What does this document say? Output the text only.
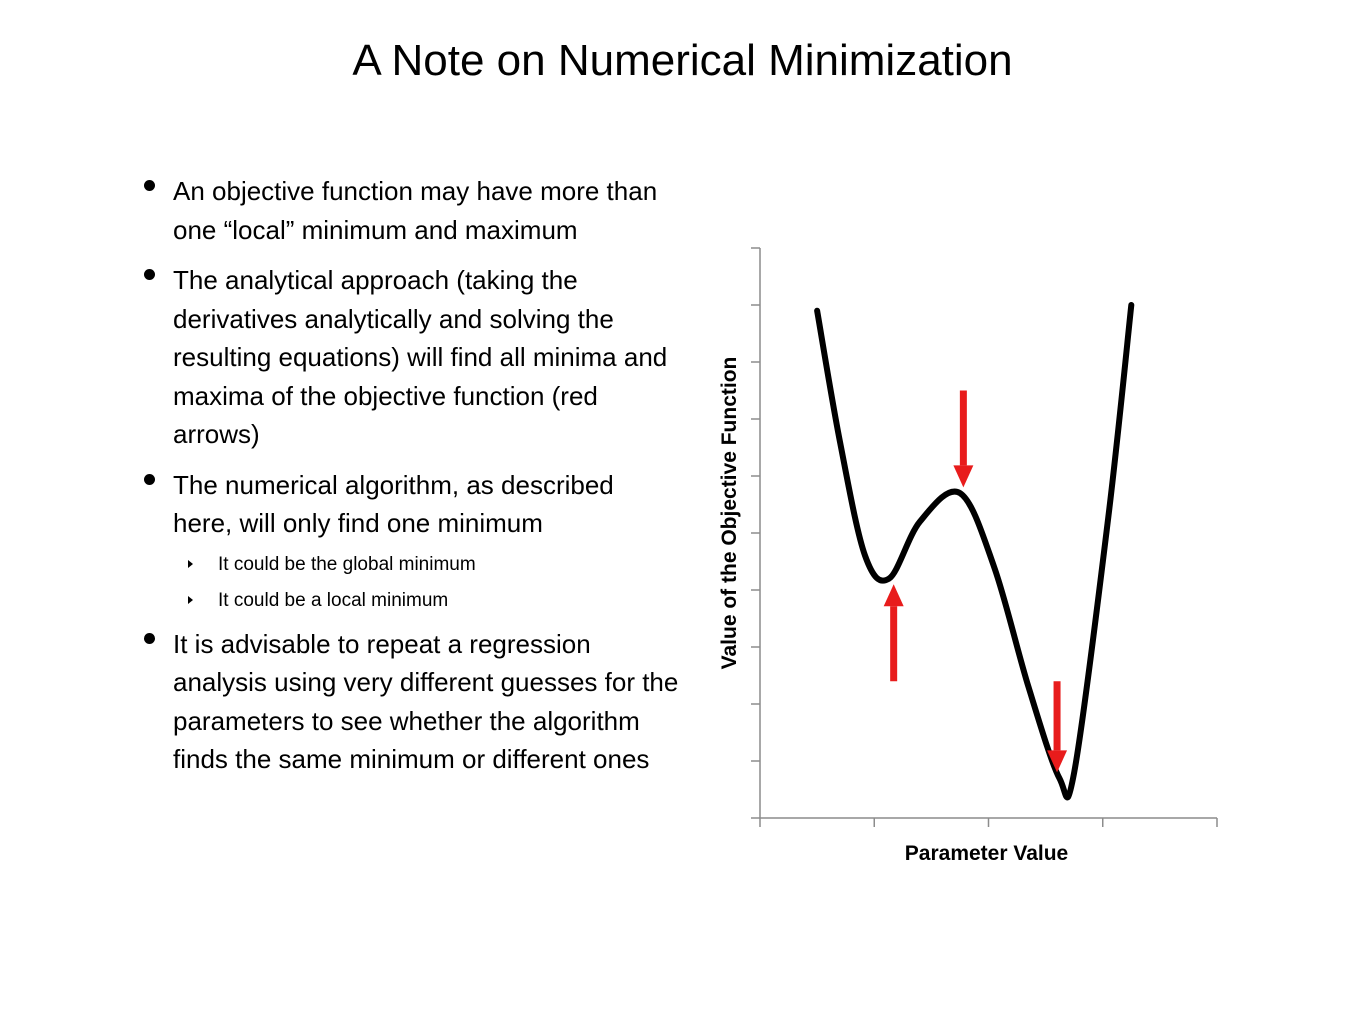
A Note on Numerical Minimization
An objective function may have more than one “local” minimum and maximum
The analytical approach (taking the derivatives analytically and solving the resulting equations) will find all minima and maxima of the objective function (red arrows)
The numerical algorithm, as described here, will only find one minimum
It could be the global minimum
It could be a local minimum
It is advisable to repeat a regression analysis using very different guesses for the parameters to see whether the algorithm finds the same minimum or different ones
Value of the Objective Function
Parameter Value
